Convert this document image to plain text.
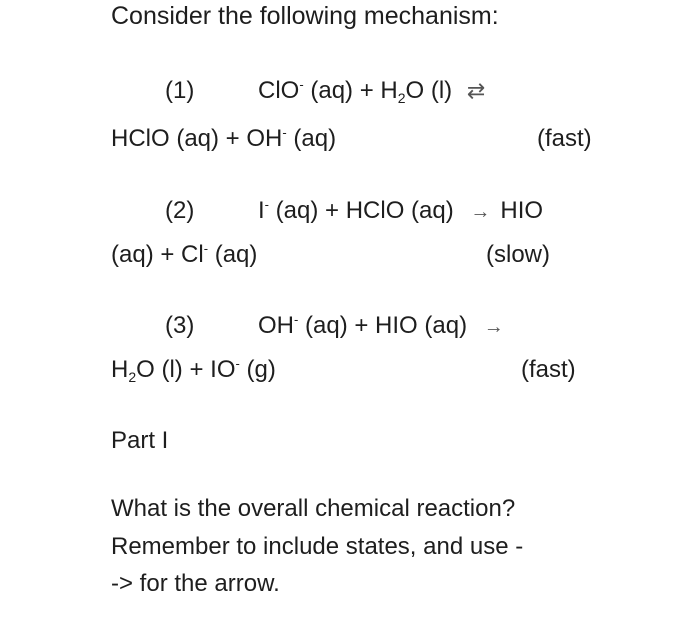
Consider the following mechanism:
(1)	ClO- $(aq) + H_2O$ (l) ⇄
HClO (aq) + OH- (aq)	(fast)
(2)	I- (aq) + HClO (aq) → HIO
(aq) + Cl- (aq)	(slow)
(3)	OH- (aq) + HIO (aq) →
$H_2O$ (l) + IO- (g)	(fast)
Part I
What is the overall chemical reaction?
Remember to include states, and use -
-> for the arrow.
